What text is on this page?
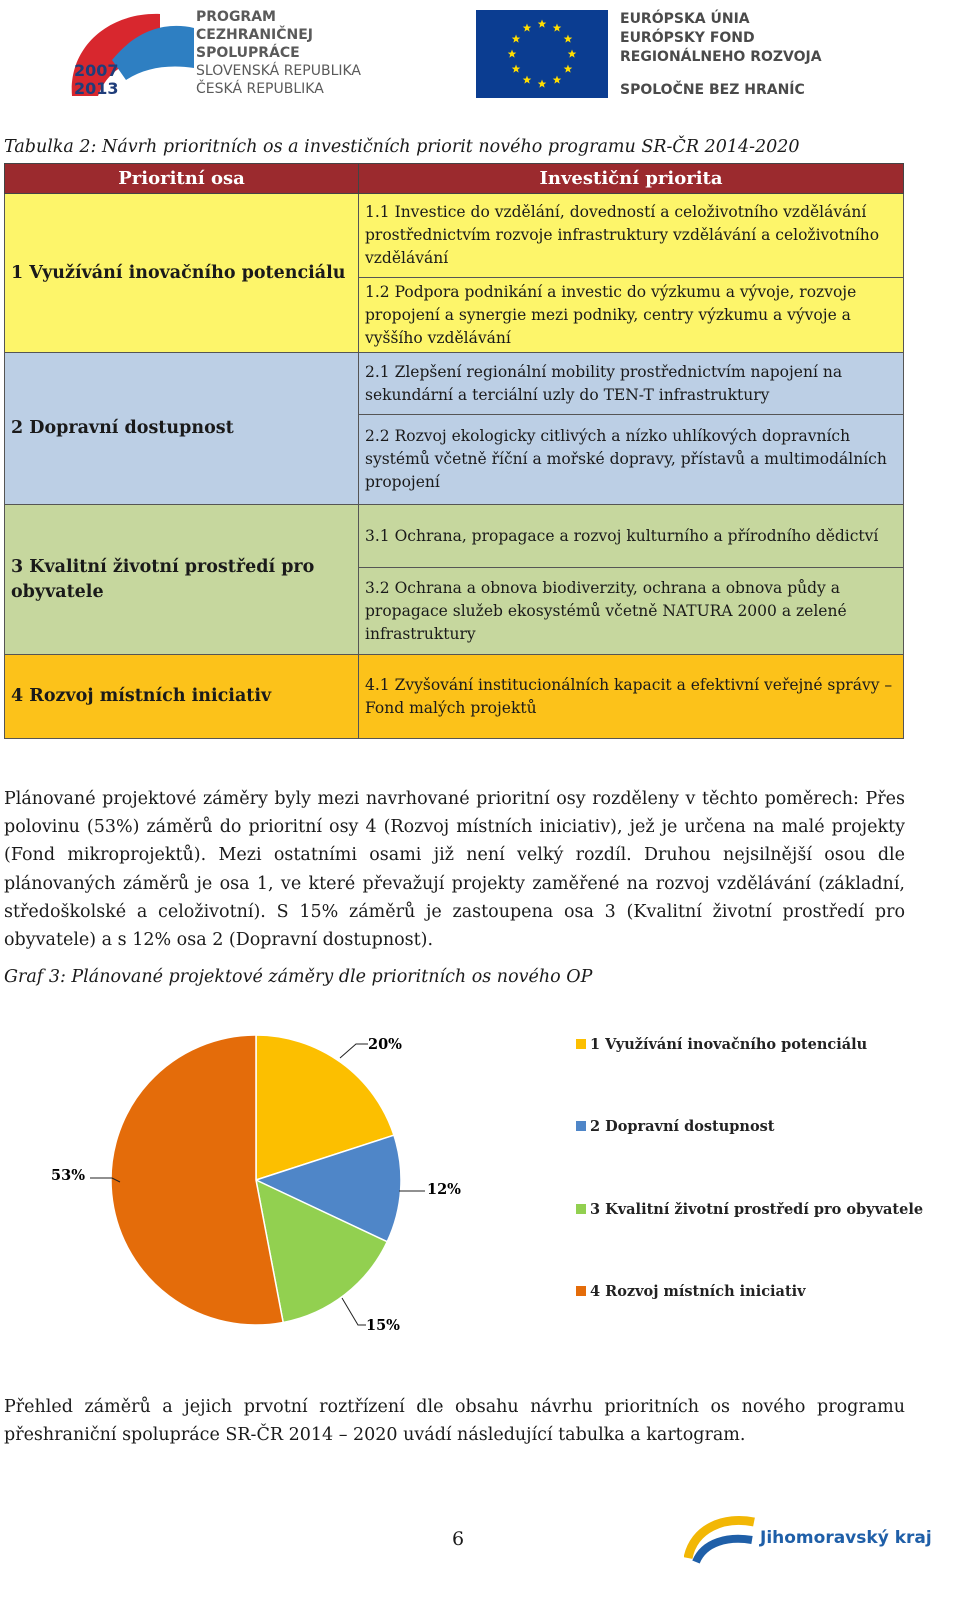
2007
2013
PROGRAM
CEZHRANIČNEJ
SPOLUPRÁCE
SLOVENSKÁ REPUBLIKA
ČESKÁ REPUBLIKA
EURÓPSKA ÚNIA
EURÓPSKY FOND
REGIONÁLNEHO ROZVOJA
SPOLOČNE BEZ HRANÍC
Tabulka 2: Návrh prioritních os a investičních priorit nového programu SR-ČR 2014-2020
Prioritní osa	Investiční priorita
1 Využívání inovačního potenciálu	1.1 Investice do vzdělání, dovedností a celoživotního vzdělávání prostřednictvím rozvoje infrastruktury vzdělávání a celoživotního vzdělávání
	1.2 Podpora podnikání a investic do výzkumu a vývoje, rozvoje propojení a synergie mezi podniky, centry výzkumu a vývoje a vyššího vzdělávání
2 Dopravní dostupnost	2.1 Zlepšení regionální mobility prostřednictvím napojení na sekundární a terciální uzly do TEN-T infrastruktury
	2.2 Rozvoj ekologicky citlivých a nízko uhlíkových dopravních systémů včetně říční a mořské dopravy, přístavů a multimodálních propojení
3 Kvalitní životní prostředí pro obyvatele	3.1 Ochrana, propagace a rozvoj kulturního a přírodního dědictví
	3.2 Ochrana a obnova biodiverzity, ochrana a obnova půdy a propagace služeb ekosystémů včetně NATURA 2000 a zelené infrastruktury
4 Rozvoj místních iniciativ	4.1 Zvyšování institucionálních kapacit a efektivní veřejné správy – Fond malých projektů
Plánované projektové záměry byly mezi navrhované prioritní osy rozděleny v těchto poměrech: Přes polovinu (53%) záměrů do prioritní osy 4 (Rozvoj místních iniciativ), jež je určena na malé projekty (Fond mikroprojektů). Mezi ostatními osami již není velký rozdíl. Druhou nejsilnější osou dle plánovaných záměrů je osa 1, ve které převažují projekty zaměřené na rozvoj vzdělávání (základní, středoškolské a celoživotní). S 15% záměrů je zastoupena osa 3 (Kvalitní životní prostředí pro obyvatele) a s 12% osa 2 (Dopravní dostupnost).
Graf 3: Plánované projektové záměry dle prioritních os nového OP
20%
12%
15%
53%
1 Využívání inovačního potenciálu
2 Dopravní dostupnost
3 Kvalitní životní prostředí pro obyvatele
4 Rozvoj místních iniciativ
Přehled záměrů a jejich prvotní roztřízení dle obsahu návrhu prioritních os nového programu přeshraniční spolupráce SR-ČR 2014 – 2020 uvádí následující tabulka a kartogram.
6	Jihomoravský kraj
